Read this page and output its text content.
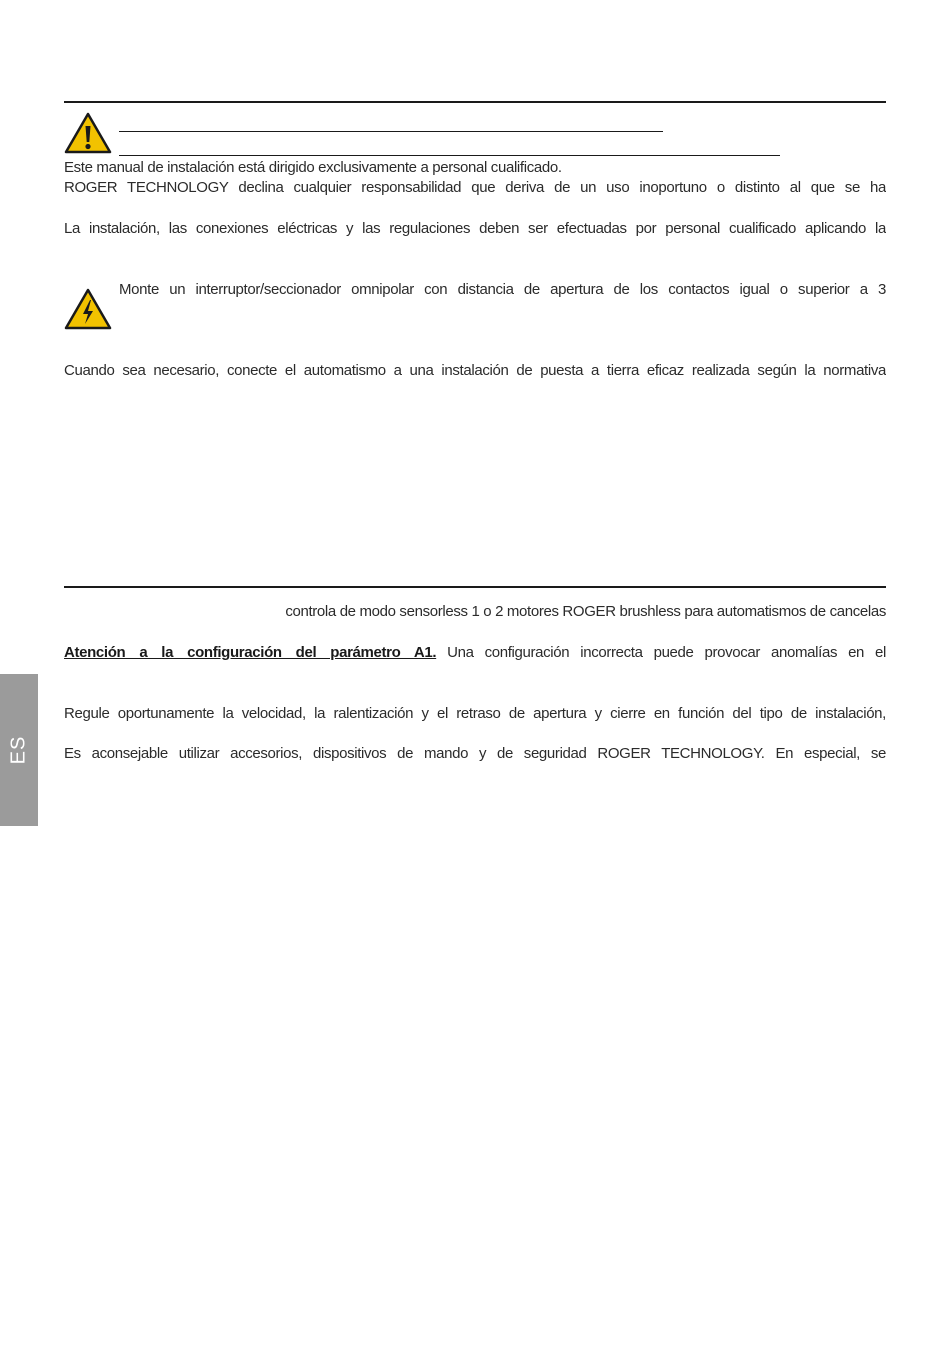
Este manual de instalación está dirigido exclusivamente a personal cualificado.
ROGER TECHNOLOGY declina cualquier responsabilidad que deriva de un uso inoportuno o distinto al que se ha
La instalación, las conexiones eléctricas y las regulaciones deben ser efectuadas por personal cualificado aplicando la
Monte un interruptor/seccionador omnipolar con distancia de apertura de los contactos igual o superior a 3
Cuando sea necesario, conecte el automatismo a una instalación de puesta a tierra eficaz realizada según la normativa
controla de modo sensorless 1 o 2 motores ROGER brushless para automatismos de cancelas
Atención a la configuración del parámetro A1. Una configuración incorrecta puede provocar anomalías en el
Regule oportunamente la velocidad, la ralentización y el retraso de apertura y cierre en función del tipo de instalación,
Es aconsejable utilizar accesorios, dispositivos de mando y de seguridad ROGER TECHNOLOGY. En especial, se
ES
